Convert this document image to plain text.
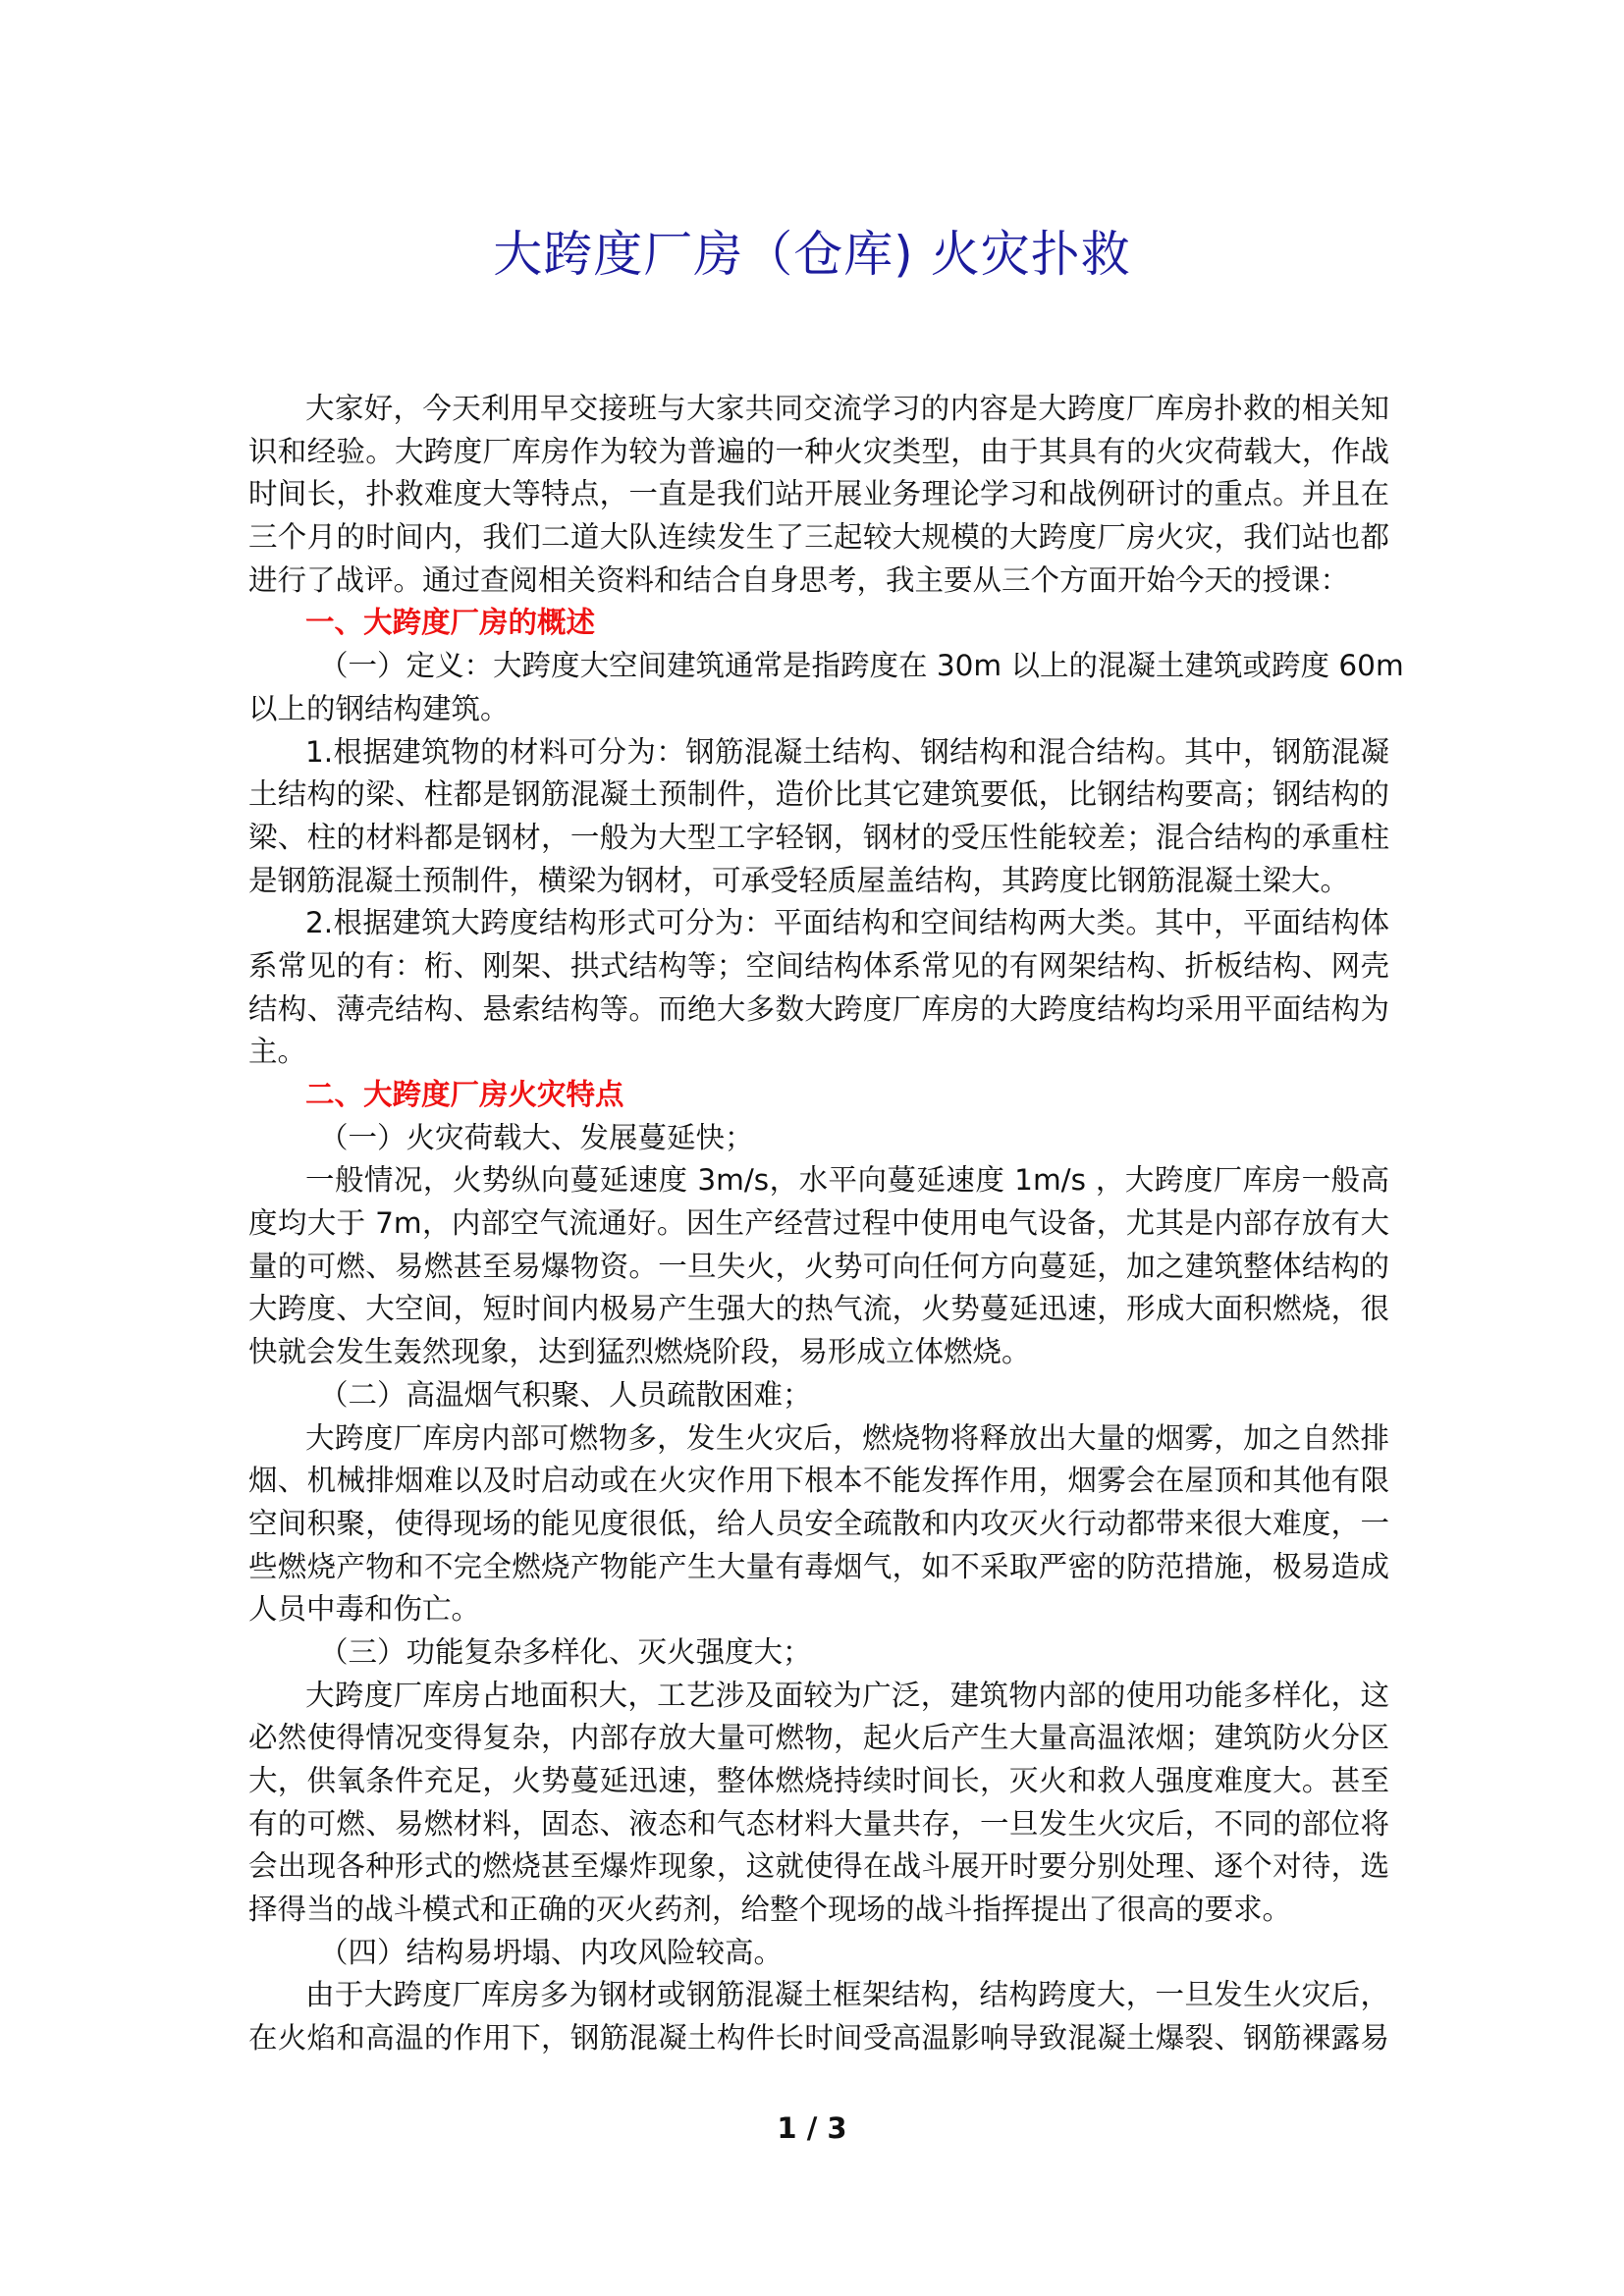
大跨度厂房（仓库) 火灾扑救
大家好，今天利用早交接班与大家共同交流学习的内容是大跨度厂库房扑救的相关知
识和经验。大跨度厂库房作为较为普遍的一种火灾类型，由于其具有的火灾荷载大，作战
时间长，扑救难度大等特点，一直是我们站开展业务理论学习和战例研讨的重点。并且在
三个月的时间内，我们二道大队连续发生了三起较大规模的大跨度厂房火灾，我们站也都
进行了战评。通过查阅相关资料和结合自身思考，我主要从三个方面开始今天的授课：
一、大跨度厂房的概述
（一）定义：大跨度大空间建筑通常是指跨度在 30m 以上的混凝土建筑或跨度 60m
以上的钢结构建筑。
1.根据建筑物的材料可分为：钢筋混凝土结构、钢结构和混合结构。其中，钢筋混凝
土结构的梁、柱都是钢筋混凝土预制件，造价比其它建筑要低，比钢结构要高；钢结构的
梁、柱的材料都是钢材，一般为大型工字轻钢，钢材的受压性能较差；混合结构的承重柱
是钢筋混凝土预制件，横梁为钢材，可承受轻质屋盖结构，其跨度比钢筋混凝土梁大。
2.根据建筑大跨度结构形式可分为：平面结构和空间结构两大类。其中，平面结构体
系常见的有：桁、刚架、拱式结构等；空间结构体系常见的有网架结构、折板结构、网壳
结构、薄壳结构、悬索结构等。而绝大多数大跨度厂库房的大跨度结构均采用平面结构为
主。
二、大跨度厂房火灾特点
（一）火灾荷载大、发展蔓延快；
一般情况，火势纵向蔓延速度 3m/s，水平向蔓延速度 1m/s ，大跨度厂库房一般高
度均大于 7m，内部空气流通好。因生产经营过程中使用电气设备，尤其是内部存放有大
量的可燃、易燃甚至易爆物资。一旦失火，火势可向任何方向蔓延，加之建筑整体结构的
大跨度、大空间，短时间内极易产生强大的热气流，火势蔓延迅速，形成大面积燃烧，很
快就会发生轰然现象，达到猛烈燃烧阶段，易形成立体燃烧。
（二）高温烟气积聚、人员疏散困难；
大跨度厂库房内部可燃物多，发生火灾后，燃烧物将释放出大量的烟雾，加之自然排
烟、机械排烟难以及时启动或在火灾作用下根本不能发挥作用，烟雾会在屋顶和其他有限
空间积聚，使得现场的能见度很低，给人员安全疏散和内攻灭火行动都带来很大难度，一
些燃烧产物和不完全燃烧产物能产生大量有毒烟气，如不采取严密的防范措施，极易造成
人员中毒和伤亡。
（三）功能复杂多样化、灭火强度大；
大跨度厂库房占地面积大，工艺涉及面较为广泛，建筑物内部的使用功能多样化，这
必然使得情况变得复杂，内部存放大量可燃物，起火后产生大量高温浓烟；建筑防火分区
大，供氧条件充足，火势蔓延迅速，整体燃烧持续时间长，灭火和救人强度难度大。甚至
有的可燃、易燃材料，固态、液态和气态材料大量共存，一旦发生火灾后，不同的部位将
会出现各种形式的燃烧甚至爆炸现象，这就使得在战斗展开时要分别处理、逐个对待，选
择得当的战斗模式和正确的灭火药剂，给整个现场的战斗指挥提出了很高的要求。
（四）结构易坍塌、内攻风险较高。
由于大跨度厂库房多为钢材或钢筋混凝土框架结构，结构跨度大，一旦发生火灾后，
在火焰和高温的作用下，钢筋混凝土构件长时间受高温影响导致混凝土爆裂、钢筋裸露易
1 / 3
